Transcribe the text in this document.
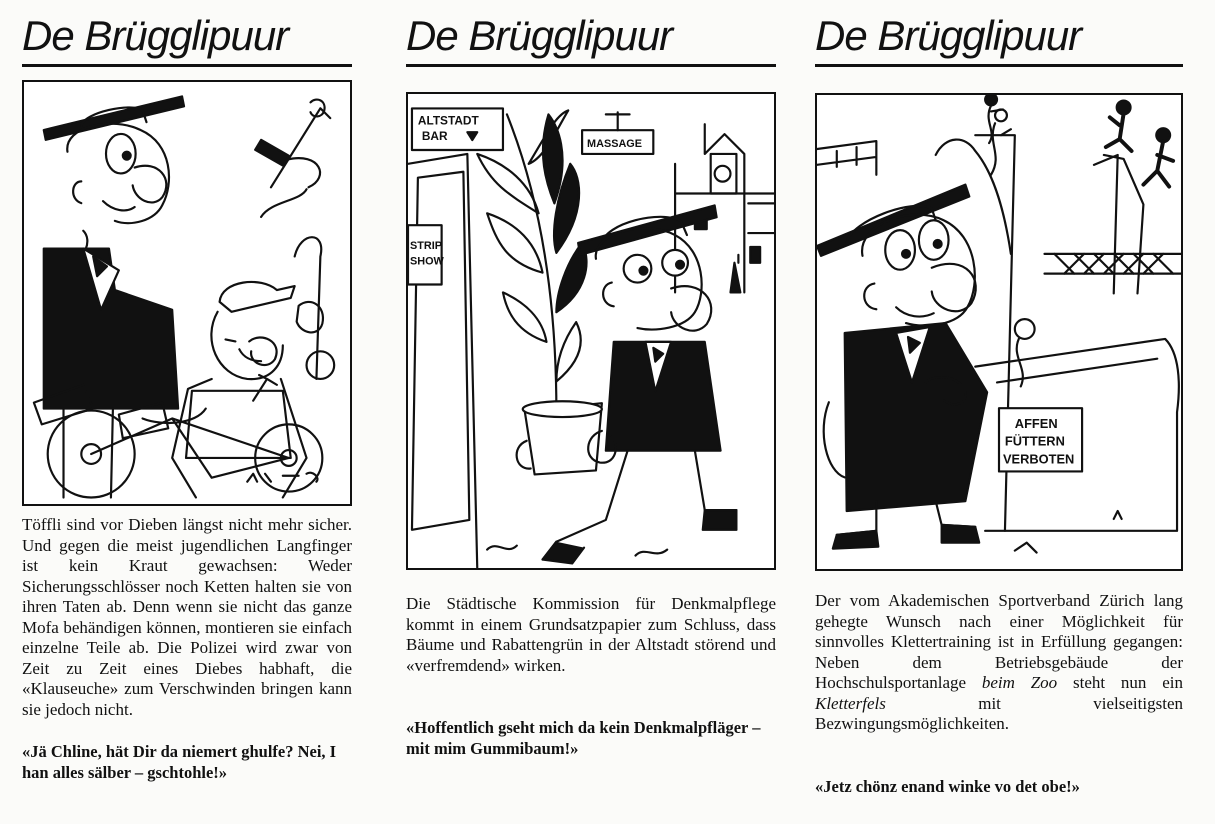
De Brügglipuur

Töffli sind vor Dieben längst nicht mehr sicher. Und gegen die meist jugendlichen Langfinger ist kein Kraut gewachsen: Weder Sicherungsschlösser noch Ketten halten sie von ihren Taten ab. Denn wenn sie nicht das ganze Mofa behändigen können, montieren sie einfach einzelne Teile ab. Die Polizei wird zwar von Zeit zu Zeit eines Diebes habhaft, die «Klauseuche» zum Verschwinden bringen kann sie jedoch nicht.

«Jä Chline, hät Dir da niemert ghulfe? Nei, I han alles sälber – gschtohle!»

De Brügglipuur
ALTSTADT
BAR
MASSAGE
STRIP
SHOW

Die Städtische Kommission für Denkmalpflege kommt in einem Grundsatzpapier zum Schluss, dass Bäume und Rabattengrün in der Altstadt störend und «verfremdend» wirken.

«Hoffentlich gseht mich da kein Denkmalpfläger – mit mim Gummibaum!»

De Brügglipuur
AFFEN
FÜTTERN
VERBOTEN

Der vom Akademischen Sportverband Zürich lang gehegte Wunsch nach einer Möglichkeit für sinnvolles Klettertraining ist in Erfüllung gegangen: Neben dem Betriebsgebäude der Hochschulsportanlage beim Zoo steht nun ein Kletterfels mit vielseitigsten Bezwingungsmöglichkeiten.

«Jetz chönz enand winke vo det obe!»
